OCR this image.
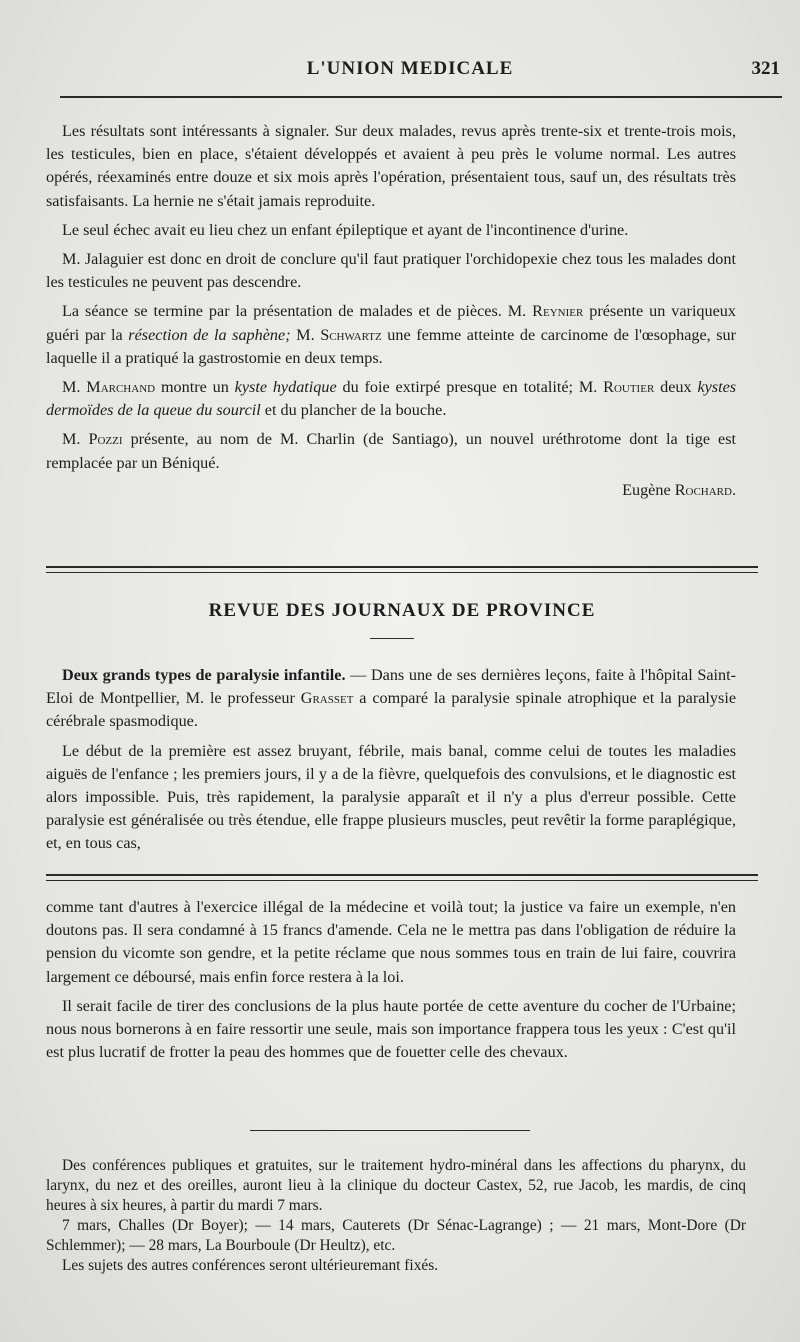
L'UNION MEDICALE	321

Les résultats sont intéressants à signaler. Sur deux malades, revus après trente-six et trente-trois mois, les testicules, bien en place, s'étaient développés et avaient à peu près le volume normal. Les autres opérés, réexaminés entre douze et six mois après l'opération, présentaient tous, sauf un, des résultats très satisfaisants. La hernie ne s'était jamais reproduite.

Le seul échec avait eu lieu chez un enfant épileptique et ayant de l'incontinence d'urine.

M. Jalaguier est donc en droit de conclure qu'il faut pratiquer l'orchidopexie chez tous les malades dont les testicules ne peuvent pas descendre.

La séance se termine par la présentation de malades et de pièces. M. Reynier présente un variqueux guéri par la résection de la saphène; M. Schwartz une femme atteinte de carcinome de l'œsophage, sur laquelle il a pratiqué la gastrostomie en deux temps.

M. Marchand montre un kyste hydatique du foie extirpé presque en totalité; M. Routier deux kystes dermoïdes de la queue du sourcil et du plancher de la bouche.

M. Pozzi présente, au nom de M. Charlin (de Santiago), un nouvel uréthrotome dont la tige est remplacée par un Béniqué.

Eugène Rochard.
REVUE DES JOURNAUX DE PROVINCE

Deux grands types de paralysie infantile. — Dans une de ses dernières leçons, faite à l'hôpital Saint-Eloi de Montpellier, M. le professeur Grasset a comparé la paralysie spinale atrophique et la paralysie cérébrale spasmodique.

Le début de la première est assez bruyant, fébrile, mais banal, comme celui de toutes les maladies aiguës de l'enfance ; les premiers jours, il y a de la fièvre, quelquefois des convulsions, et le diagnostic est alors impossible. Puis, très rapidement, la paralysie apparaît et il n'y a plus d'erreur possible. Cette paralysie est généralisée ou très étendue, elle frappe plusieurs muscles, peut revêtir la forme paraplégique, et, en tous cas,

comme tant d'autres à l'exercice illégal de la médecine et voilà tout; la justice va faire un exemple, n'en doutons pas. Il sera condamné à 15 francs d'amende. Cela ne le mettra pas dans l'obligation de réduire la pension du vicomte son gendre, et la petite réclame que nous sommes tous en train de lui faire, couvrira largement ce déboursé, mais enfin force restera à la loi.

Il serait facile de tirer des conclusions de la plus haute portée de cette aventure du cocher de l'Urbaine; nous nous bornerons à en faire ressortir une seule, mais son importance frappera tous les yeux : C'est qu'il est plus lucratif de frotter la peau des hommes que de fouetter celle des chevaux.

Des conférences publiques et gratuites, sur le traitement hydro-minéral dans les affections du pharynx, du larynx, du nez et des oreilles, auront lieu à la clinique du docteur Castex, 52, rue Jacob, les mardis, de cinq heures à six heures, à partir du mardi 7 mars.

7 mars, Challes (Dr Boyer); — 14 mars, Cauterets (Dr Sénac-Lagrange) ; — 21 mars, Mont-Dore (Dr Schlemmer); — 28 mars, La Bourboule (Dr Heultz), etc.

Les sujets des autres conférences seront ultérieuremant fixés.
